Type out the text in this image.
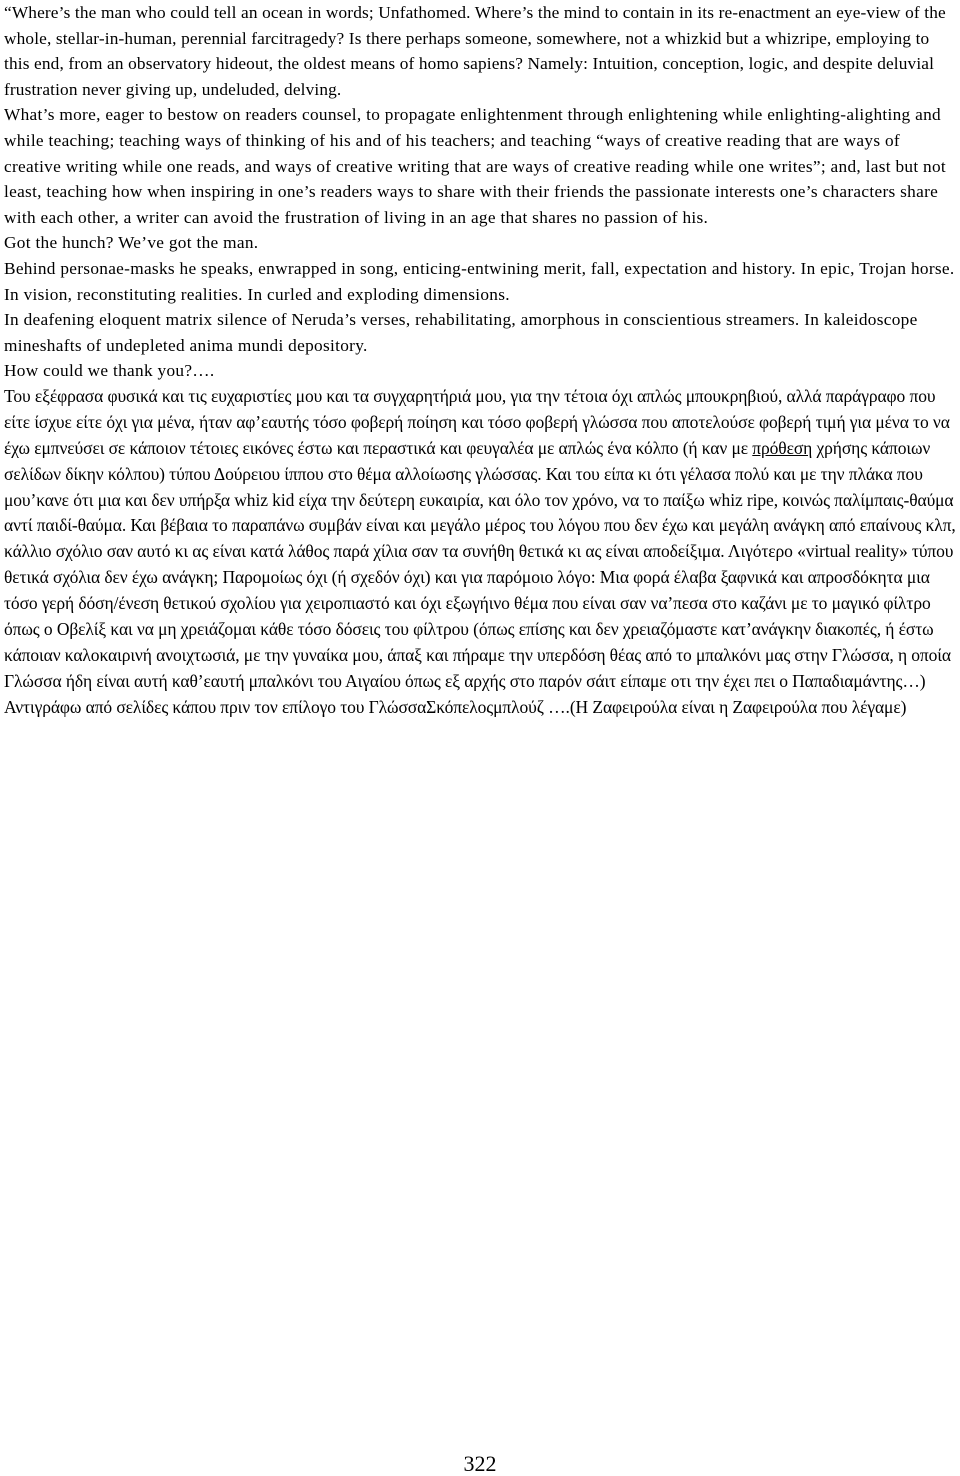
“Where’s the man who could tell an ocean in words; Unfathomed. Where’s the mind to contain in its re-enactment an eye-view of the whole, stellar-in-human, perennial farcitragedy? Is there perhaps someone, somewhere, not a whizkid but a whizripe, employing to this end, from an observatory hideout, the oldest means of homo sapiens? Namely: Intuition, conception, logic, and despite deluvial frustration never giving up, undeluded, delving.

What’s more, eager to bestow on readers counsel, to propagate enlightenment through enlightening while enlighting-alighting and while teaching; teaching ways of thinking of his and of his teachers; and teaching “ways of creative reading that are ways of creative writing while one reads, and ways of creative writing that are ways of creative reading while one writes”; and, last but not least, teaching how when inspiring in one’s readers ways to share with their friends the passionate interests one’s characters share with each other, a writer can avoid the frustration of living in an age that shares no passion of his.

Got the hunch? We’ve got the man.

Behind personae-masks he speaks, enwrapped in song, enticing-entwining merit, fall, expectation and history. In epic, Trojan horse. In vision, reconstituting realities. In curled and exploding dimensions.

In deafening eloquent matrix silence of Neruda’s verses, rehabilitating, amorphous in conscientious streamers. In kaleidoscope mineshafts of undepleted anima mundi depository.

How could we thank you?….

Του εξέφρασα φυσικά και τις ευχαριστίες μου και τα συγχαρητήριά μου, για την τέτοια όχι απλώς μπουκρηβιού, αλλά παράγραφο που είτε ίσχυε είτε όχι για μένα, ήταν αφ’εαυτής τόσο φοβερή ποίηση και τόσο φοβερή γλώσσα που αποτελούσε φοβερή τιμή για μένα το να έχω εμπνεύσει σε κάποιον τέτοιες εικόνες έστω και περαστικά και φευγαλέα με απλώς ένα κόλπο (ή καν με πρόθεση χρήσης κάποιων σελίδων δίκην κόλπου) τύπου Δούρειου ίππου στο θέμα αλλοίωσης γλώσσας. Και του είπα κι ότι γέλασα πολύ και με την πλάκα που μου’κανε ότι μια και δεν υπήρξα whiz kid είχα την δεύτερη ευκαιρία, και όλο τον χρόνο, να το παίξω whiz ripe, κοινώς παλίμπαις-θαύμα αντί παιδί-θαύμα. Και βέβαια το παραπάνω συμβάν είναι και μεγάλο μέρος του λόγου που δεν έχω και μεγάλη ανάγκη από επαίνους κλπ, κάλλιο σχόλιο σαν αυτό κι ας είναι κατά λάθος παρά χίλια σαν τα συνήθη θετικά κι ας είναι αποδείξιμα. Λιγότερο «virtual reality» τύπου θετικά σχόλια δεν έχω ανάγκη; Παρομοίως όχι (ή σχεδόν όχι) και για παρόμοιο λόγο: Μια φορά έλαβα ξαφνικά και απροσδόκητα μια τόσο γερή δόση/ένεση θετικού σχολίου για χειροπιαστό και όχι εξωγήινο θέμα που είναι σαν να’πεσα στο καζάνι με το μαγικό φίλτρο όπως ο Οβελίξ και να μη χρειάζομαι κάθε τόσο δόσεις του φίλτρου (όπως επίσης και δεν χρειαζόμαστε κατ’ανάγκην διακοπές, ή έστω κάποιαν καλοκαιρινή ανοιχτωσιά, με την γυναίκα μου, άπαξ και πήραμε την υπερδόση θέας από το μπαλκόνι μας στην Γλώσσα, η οποία Γλώσσα ήδη είναι αυτή καθ’εαυτή μπαλκόνι του Αιγαίου όπως εξ αρχής στο παρόν σάιτ είπαμε οτι την έχει πει ο Παπαδιαμάντης…) Αντιγράφω από σελίδες κάπου πριν τον επίλογο του ΓλώσσαΣκόπελοςμπλούζ ….(Η Ζαφειρούλα είναι η Ζαφειρούλα που λέγαμε)

322
